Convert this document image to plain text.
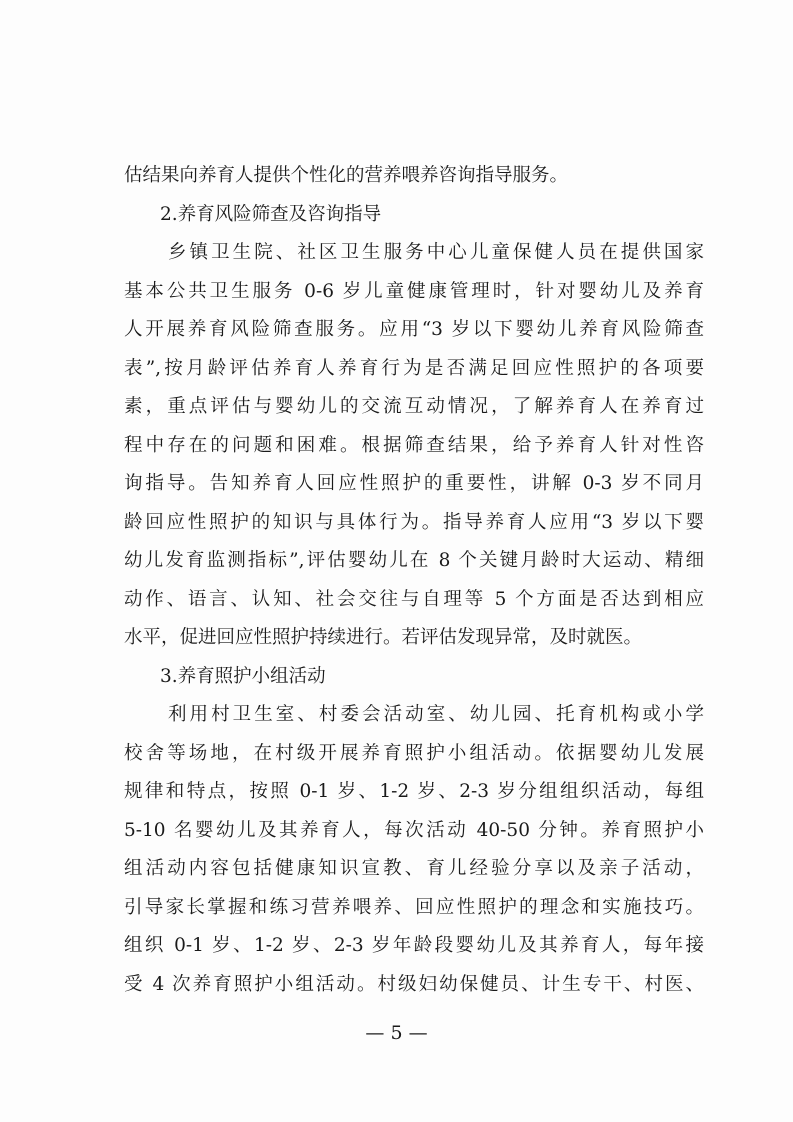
估结果向养育人提供个性化的营养喂养咨询指导服务。
2.养育风险筛查及咨询指导
乡镇卫生院、社区卫生服务中心儿童保健人员在提供国家
基本公共卫生服务 0-6 岁儿童健康管理时，针对婴幼儿及养育
人开展养育风险筛查服务。应用“3 岁以下婴幼儿养育风险筛查
表”,按月龄评估养育人养育行为是否满足回应性照护的各项要
素，重点评估与婴幼儿的交流互动情况，了解养育人在养育过
程中存在的问题和困难。根据筛查结果，给予养育人针对性咨
询指导。告知养育人回应性照护的重要性，讲解 0-3 岁不同月
龄回应性照护的知识与具体行为。指导养育人应用“3 岁以下婴
幼儿发育监测指标”,评估婴幼儿在 8 个关键月龄时大运动、精细
动作、语言、认知、社会交往与自理等 5 个方面是否达到相应
水平，促进回应性照护持续进行。若评估发现异常，及时就医。
3.养育照护小组活动
利用村卫生室、村委会活动室、幼儿园、托育机构或小学
校舍等场地，在村级开展养育照护小组活动。依据婴幼儿发展
规律和特点，按照 0-1 岁、1-2 岁、2-3 岁分组组织活动，每组
5-10 名婴幼儿及其养育人，每次活动 40-50 分钟。养育照护小
组活动内容包括健康知识宣教、育儿经验分享以及亲子活动，
引导家长掌握和练习营养喂养、回应性照护的理念和实施技巧。
组织 0-1 岁、1-2 岁、2-3 岁年龄段婴幼儿及其养育人，每年接
受 4 次养育照护小组活动。村级妇幼保健员、计生专干、村医、
— 5 —
